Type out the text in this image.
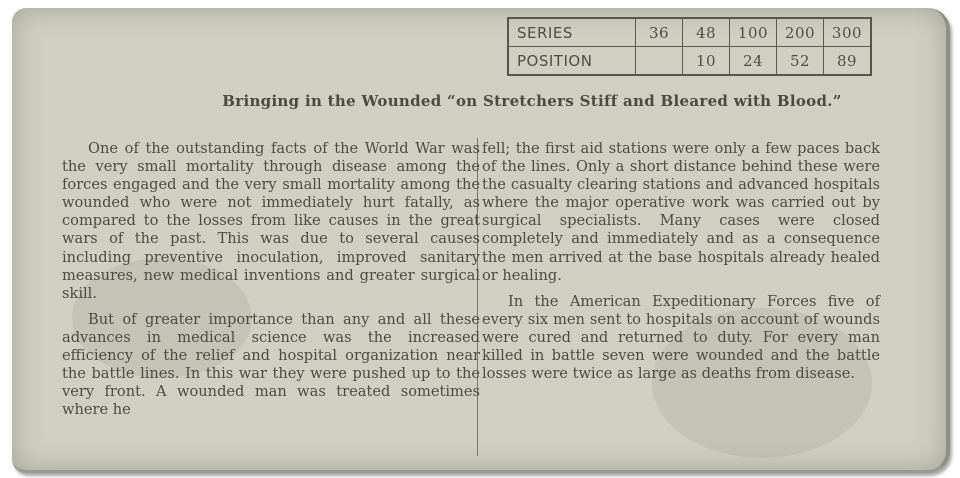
SERIES	36	48	100	200	300
POSITION		10	24	52	89
Bringing in the Wounded “on Stretchers Stiff and Bleared with Blood.”

One of the outstanding facts of the World War was the very small mortality through disease among the forces engaged and the very small mortality among the wounded who were not immediately hurt fatally, as compared to the losses from like causes in the great wars of the past. This was due to several causes including preventive inoculation, improved sanitary measures, new medical inventions and greater surgical skill.

But of greater importance than any and all these advances in medical science was the increased efficiency of the relief and hospital organization near the battle lines. In this war they were pushed up to the very front. A wounded man was treated sometimes where he

fell; the first aid stations were only a few paces back of the lines. Only a short distance behind these were the casualty clearing stations and advanced hospitals where the major operative work was carried out by surgical specialists. Many cases were closed completely and immediately and as a consequence the men arrived at the base hospitals already healed or healing.

In the American Expeditionary Forces five of every six men sent to hospitals on account of wounds were cured and returned to duty. For every man killed in battle seven were wounded and the battle losses were twice as large as deaths from disease.
